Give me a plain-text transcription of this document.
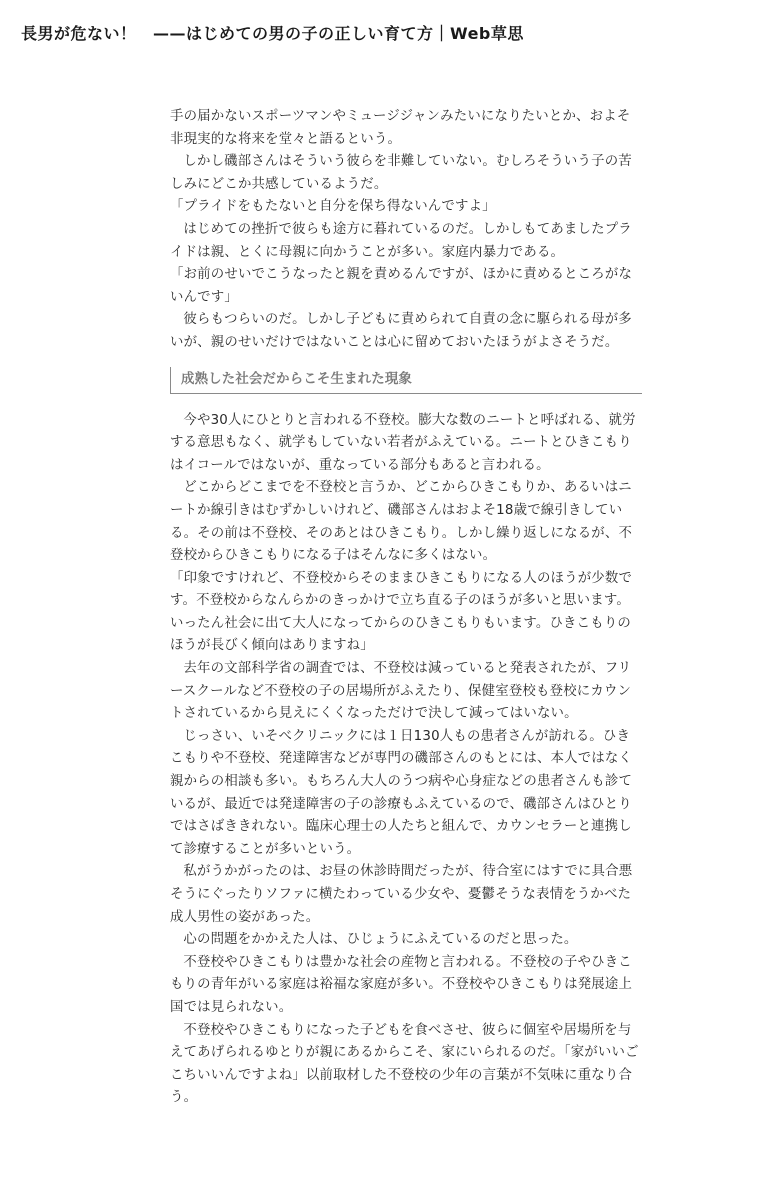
長男が危ない！　——はじめての男の子の正しい育て方｜Web草思

手の届かないスポーツマンやミュージジャンみたいになりたいとか、およそ非現実的な将来を堂々と語るという。

しかし磯部さんはそういう彼らを非難していない。むしろそういう子の苦しみにどこか共感しているようだ。

「プライドをもたないと自分を保ち得ないんですよ」

はじめての挫折で彼らも途方に暮れているのだ。しかしもてあましたプライドは親、とくに母親に向かうことが多い。家庭内暴力である。

「お前のせいでこうなったと親を責めるんですが、ほかに責めるところがないんです」

彼らもつらいのだ。しかし子どもに責められて自責の念に駆られる母が多いが、親のせいだけではないことは心に留めておいたほうがよさそうだ。

成熟した社会だからこそ生まれた現象

今や30人にひとりと言われる不登校。膨大な数のニートと呼ばれる、就労する意思もなく、就学もしていない若者がふえている。ニートとひきこもりはイコールではないが、重なっている部分もあると言われる。

どこからどこまでを不登校と言うか、どこからひきこもりか、あるいはニートか線引きはむずかしいけれど、磯部さんはおよそ18歳で線引きしている。その前は不登校、そのあとはひきこもり。しかし繰り返しになるが、不登校からひきこもりになる子はそんなに多くはない。

「印象ですけれど、不登校からそのままひきこもりになる人のほうが少数です。不登校からなんらかのきっかけで立ち直る子のほうが多いと思います。いったん社会に出て大人になってからのひきこもりもいます。ひきこもりのほうが長びく傾向はありますね」

去年の文部科学省の調査では、不登校は減っていると発表されたが、フリースクールなど不登校の子の居場所がふえたり、保健室登校も登校にカウントされているから見えにくくなっただけで決して減ってはいない。

じっさい、いそべクリニックには１日130人もの患者さんが訪れる。ひきこもりや不登校、発達障害などが専門の磯部さんのもとには、本人ではなく親からの相談も多い。もちろん大人のうつ病や心身症などの患者さんも診ているが、最近では発達障害の子の診療もふえているので、磯部さんはひとりではさばききれない。臨床心理士の人たちと組んで、カウンセラーと連携して診療することが多いという。

私がうかがったのは、お昼の休診時間だったが、待合室にはすでに具合悪そうにぐったりソファに横たわっている少女や、憂鬱そうな表情をうかべた成人男性の姿があった。

心の問題をかかえた人は、ひじょうにふえているのだと思った。

不登校やひきこもりは豊かな社会の産物と言われる。不登校の子やひきこもりの青年がいる家庭は裕福な家庭が多い。不登校やひきこもりは発展途上国では見られない。

不登校やひきこもりになった子どもを食べさせ、彼らに個室や居場所を与えてあげられるゆとりが親にあるからこそ、家にいられるのだ。「家がいいごこちいいんですよね」以前取材した不登校の少年の言葉が不気味に重なり合う。
